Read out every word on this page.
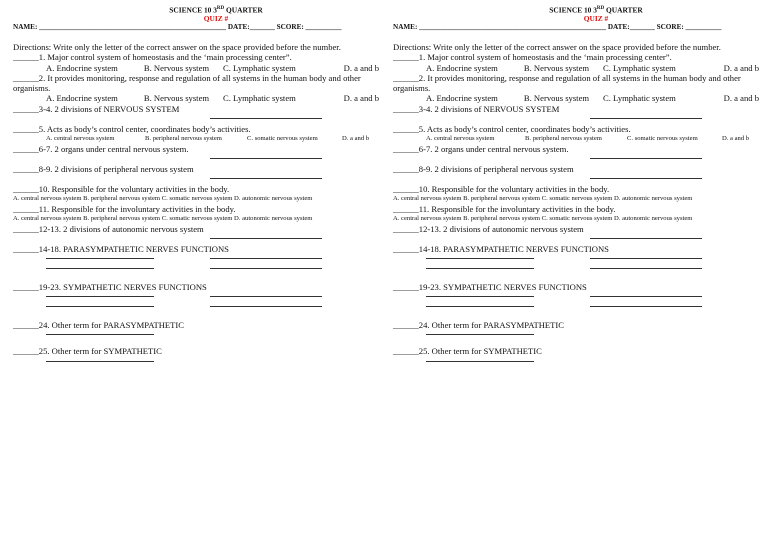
SCIENCE 10 3RD QUARTER
QUIZ #
NAME: ____________________________________________________ DATE:_______ SCORE: __________
Directions: Write only the letter of the correct answer on the space provided before the number.
______1. Major control system of homeostasis and the ‘main processing center”.
A. Endocrine system	B. Nervous system	C. Lymphatic system	D. a and b
______2. It provides monitoring, response and regulation of all systems in the human body and other organisms.
A. Endocrine system	B. Nervous system	C. Lymphatic system	D. a and b
______3-4. 2 divisions of NERVOUS SYSTEM
______5. Acts as body’s control center, coordinates body’s activities.
A. central nervous system	B. peripheral nervous system	C. somatic nervous system	D. a and b
______6-7. 2 organs under central nervous system.
______8-9. 2 divisions of peripheral nervous system
______10. Responsible for the voluntary activities in the body.
A. central nervous system B. peripheral nervous system C. somatic nervous system D. autonomic nervous system
______11. Responsible for the involuntary activities in the body.
A. central nervous system B. peripheral nervous system C. somatic nervous system D. autonomic nervous system
______12-13. 2 divisions of autonomic nervous system
______14-18. PARASYMPATHETIC NERVES FUNCTIONS
______19-23. SYMPATHETIC NERVES FUNCTIONS
______24. Other term for PARASYMPATHETIC
______25. Other term for SYMPATHETIC
SCIENCE 10 3RD QUARTER
QUIZ #
NAME: ____________________________________________________ DATE:_______ SCORE: __________
Directions: Write only the letter of the correct answer on the space provided before the number.
______1. Major control system of homeostasis and the ‘main processing center”.
A. Endocrine system	B. Nervous system	C. Lymphatic system	D. a and b
______2. It provides monitoring, response and regulation of all systems in the human body and other organisms.
A. Endocrine system	B. Nervous system	C. Lymphatic system	D. a and b
______3-4. 2 divisions of NERVOUS SYSTEM
______5. Acts as body’s control center, coordinates body’s activities.
A. central nervous system	B. peripheral nervous system	C. somatic nervous system	D. a and b
______6-7. 2 organs under central nervous system.
______8-9. 2 divisions of peripheral nervous system
______10. Responsible for the voluntary activities in the body.
A. central nervous system B. peripheral nervous system C. somatic nervous system D. autonomic nervous system
______11. Responsible for the involuntary activities in the body.
A. central nervous system B. peripheral nervous system C. somatic nervous system D. autonomic nervous system
______12-13. 2 divisions of autonomic nervous system
______14-18. PARASYMPATHETIC NERVES FUNCTIONS
______19-23. SYMPATHETIC NERVES FUNCTIONS
______24. Other term for PARASYMPATHETIC
______25. Other term for SYMPATHETIC
